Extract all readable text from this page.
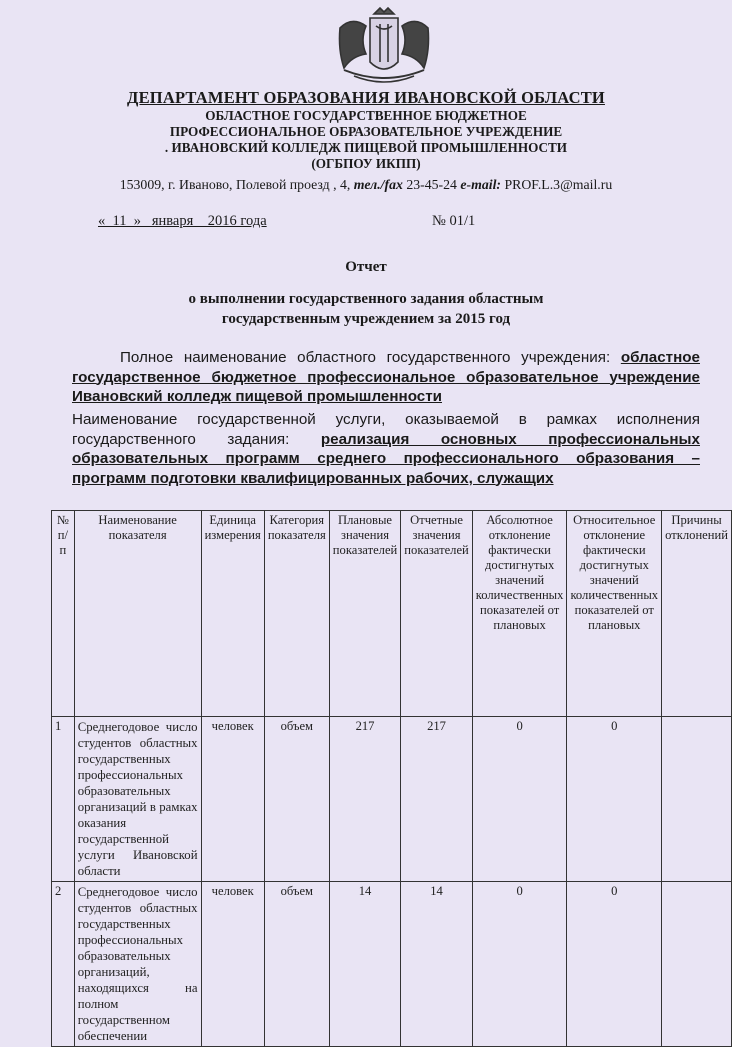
ДЕПАРТАМЕНТ ОБРАЗОВАНИЯ ИВАНОВСКОЙ ОБЛАСТИ
ОБЛАСТНОЕ ГОСУДАРСТВЕННОЕ БЮДЖЕТНОЕ
ПРОФЕССИОНАЛЬНОЕ ОБРАЗОВАТЕЛЬНОЕ УЧРЕЖДЕНИЕ
. ИВАНОВСКИЙ КОЛЛЕДЖ ПИЩЕВОЙ ПРОМЫШЛЕННОСТИ
(ОГБПОУ ИКПП)
153009, г. Иваново, Полевой проезд , 4, тел./fax 23-45-24 e-mail: PROF.L.3@mail.ru
«  11  »   января    2016 года	№ 01/1
Отчет
о выполнении государственного задания областным
государственным учреждением за 2015 год
Полное наименование областного государственного учреждения: областное государственное бюджетное профессиональное образовательное учреждение Ивановский колледж пищевой промышленности
Наименование государственной услуги, оказываемой в рамках исполнения государственного задания: реализация основных профессиональных образовательных программ среднего профессионального образования – программ подготовки квалифицированных рабочих, служащих
№ п/п	Наименование показателя	Единица измерения	Категория показателя	Плановые значения показателей	Отчетные значения показателей	Абсолютное отклонение фактически достигнутых значений количественных показателей от плановых	Относительное отклонение фактически достигнутых значений количественных показателей от плановых	Причины отклонений
1	Среднегодовое число студентов областных государственных профессиональных образовательных организаций в рамках оказания государственной услуги Ивановской области	человек	объем	217	217	0	0	
2	Среднегодовое число студентов областных государственных профессиональных образовательных организаций, находящихся на полном государственном обеспечении	человек	объем	14	14	0	0	
